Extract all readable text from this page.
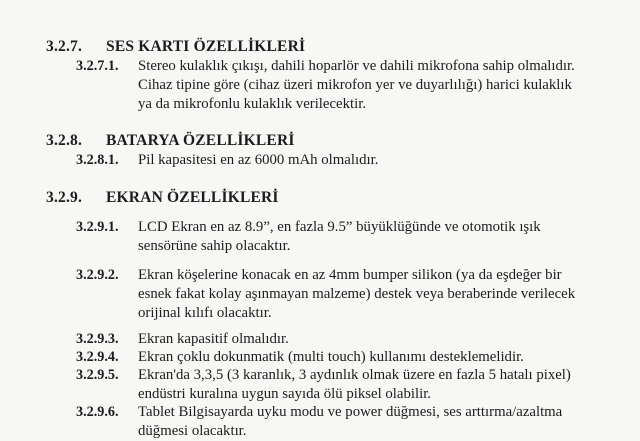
3.2.7. SES KARTI ÖZELLİKLERİ
3.2.7.1. Stereo kulaklık çıkışı, dahili hoparlör ve dahili mikrofona sahip olmalıdır.
Cihaz tipine göre (cihaz üzeri mikrofon yer ve duyarlılığı) harici kulaklık
ya da mikrofonlu kulaklık verilecektir.
3.2.8. BATARYA ÖZELLİKLERİ
3.2.8.1. Pil kapasitesi en az 6000 mAh olmalıdır.
3.2.9. EKRAN ÖZELLİKLERİ
3.2.9.1. LCD Ekran en az 8.9”, en fazla 9.5” büyüklüğünde ve otomotik ışık
sensörüne sahip olacaktır.
3.2.9.2. Ekran köşelerine konacak en az 4mm bumper silikon (ya da eşdeğer bir
esnek fakat kolay aşınmayan malzeme) destek veya beraberinde verilecek
orijinal kılıfı olacaktır.
3.2.9.3. Ekran kapasitif olmalıdır.
3.2.9.4. Ekran çoklu dokunmatik (multi touch) kullanımı desteklemelidir.
3.2.9.5. Ekran'da 3,3,5 (3 karanlık, 3 aydınlık olmak üzere en fazla 5 hatalı pixel)
endüstri kuralına uygun sayıda ölü piksel olabilir.
3.2.9.6. Tablet Bilgisayarda uyku modu ve power düğmesi, ses arttırma/azaltma
düğmesi olacaktır.
